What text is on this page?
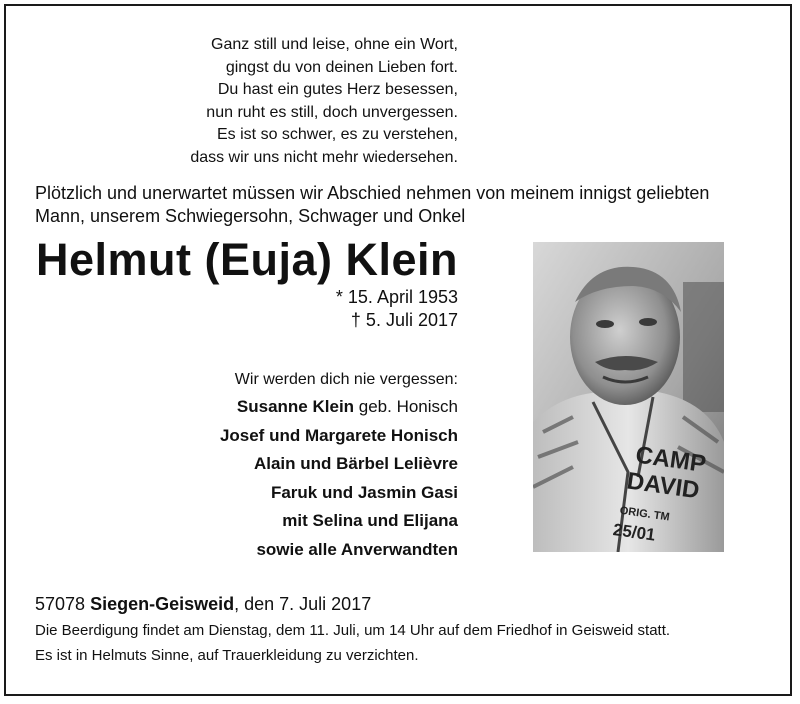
Ganz still und leise, ohne ein Wort,
gingst du von deinen Lieben fort.
Du hast ein gutes Herz besessen,
nun ruht es still, doch unvergessen.
Es ist so schwer, es zu verstehen,
dass wir uns nicht mehr wiedersehen.
Plötzlich und unerwartet müssen wir Abschied nehmen von meinem innigst geliebten
Mann, unserem Schwiegersohn, Schwager und Onkel
Helmut (Euja) Klein
* 15. April 1953
† 5. Juli 2017
Wir werden dich nie vergessen:
Susanne Klein geb. Honisch
Josef und Margarete Honisch
Alain und Bärbel Lelièvre
Faruk und Jasmin Gasi
mit Selina und Elijana
sowie alle Anverwandten
CAMP
DAVID
ORIG. TM
25/01
57078 Siegen-Geisweid, den 7. Juli 2017
Die Beerdigung findet am Dienstag, dem 11. Juli, um 14 Uhr auf dem Friedhof in Geisweid statt.
Es ist in Helmuts Sinne, auf Trauerkleidung zu verzichten.
